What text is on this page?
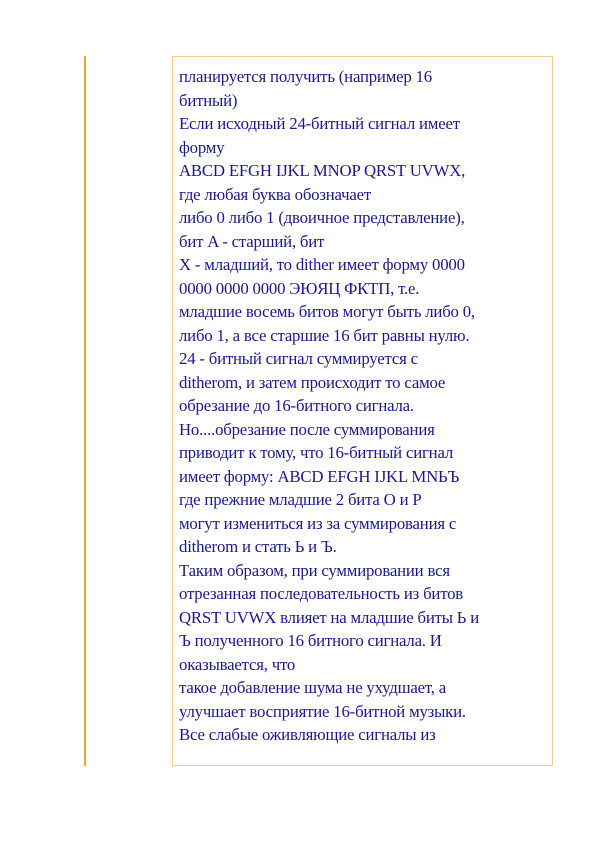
планируется получить (например 16
битный)
Если исходный 24-битный сигнал имеет
форму
ABCD EFGH IJKL MNOP QRST UVWX,
где любая буква обозначает
либо 0 либо 1 (двоичное представление),
бит A - старший, бит
X - младший, то dither имеет форму 0000
0000 0000 0000 ЭЮЯЦ ФКТП, т.е.
младшие восемь битов могут быть либо 0,
либо 1, а все старшие 16 бит равны нулю.
24 - битный сигнал суммируется с
ditherom, и затем происходит то самое
обрезание до 16-битного сигнала.
Но....обрезание после суммирования
приводит к тому, что 16-битный сигнал
имеет форму: ABCD EFGH IJKL MNЬЪ
где прежние младшие 2 бита O и P
могут измениться из за суммирования с
ditherom и стать Ь и Ъ.
Таким образом, при суммировании вся
отрезанная последовательность из битов
QRST UVWX влияет на младшие биты Ь и
Ъ полученного 16 битного сигнала. И
оказывается, что
такое добавление шума не ухудшает, а
улучшает восприятие 16-битной музыки.
Все слабые оживляющие сигналы из
